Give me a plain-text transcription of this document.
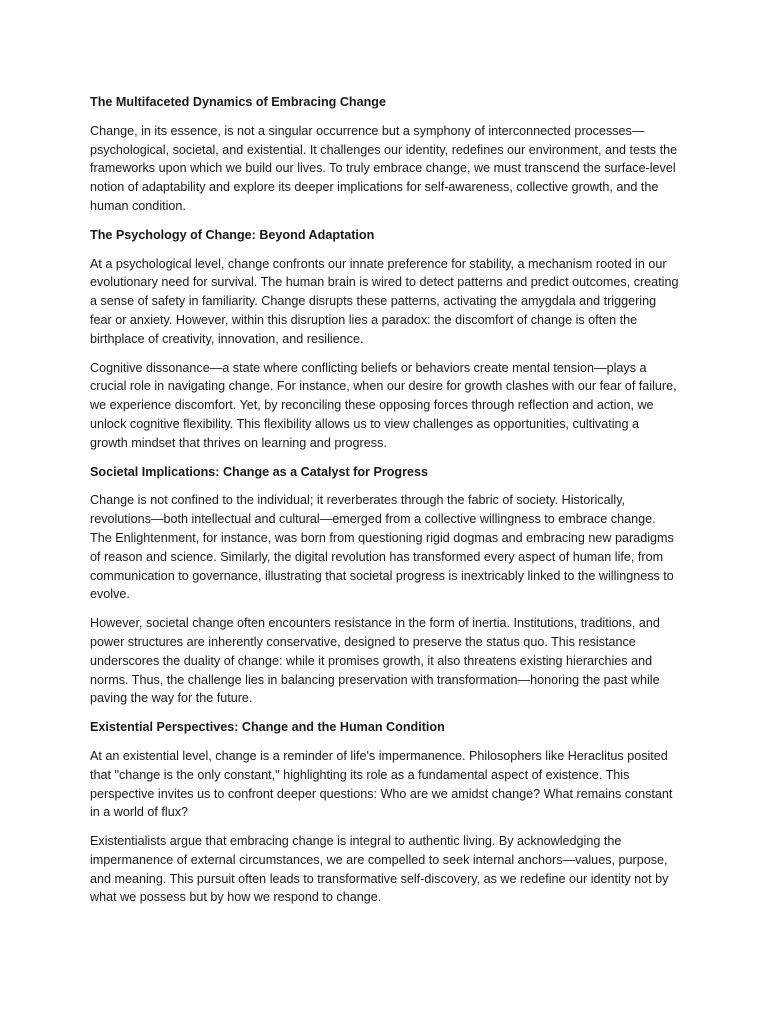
The Multifaceted Dynamics of Embracing Change

Change, in its essence, is not a singular occurrence but a symphony of interconnected processes—psychological, societal, and existential. It challenges our identity, redefines our environment, and tests the frameworks upon which we build our lives. To truly embrace change, we must transcend the surface-level notion of adaptability and explore its deeper implications for self-awareness, collective growth, and the human condition.

The Psychology of Change: Beyond Adaptation

At a psychological level, change confronts our innate preference for stability, a mechanism rooted in our evolutionary need for survival. The human brain is wired to detect patterns and predict outcomes, creating a sense of safety in familiarity. Change disrupts these patterns, activating the amygdala and triggering fear or anxiety. However, within this disruption lies a paradox: the discomfort of change is often the birthplace of creativity, innovation, and resilience.

Cognitive dissonance—a state where conflicting beliefs or behaviors create mental tension—plays a crucial role in navigating change. For instance, when our desire for growth clashes with our fear of failure, we experience discomfort. Yet, by reconciling these opposing forces through reflection and action, we unlock cognitive flexibility. This flexibility allows us to view challenges as opportunities, cultivating a growth mindset that thrives on learning and progress.

Societal Implications: Change as a Catalyst for Progress

Change is not confined to the individual; it reverberates through the fabric of society. Historically, revolutions—both intellectual and cultural—emerged from a collective willingness to embrace change. The Enlightenment, for instance, was born from questioning rigid dogmas and embracing new paradigms of reason and science. Similarly, the digital revolution has transformed every aspect of human life, from communication to governance, illustrating that societal progress is inextricably linked to the willingness to evolve.

However, societal change often encounters resistance in the form of inertia. Institutions, traditions, and power structures are inherently conservative, designed to preserve the status quo. This resistance underscores the duality of change: while it promises growth, it also threatens existing hierarchies and norms. Thus, the challenge lies in balancing preservation with transformation—honoring the past while paving the way for the future.

Existential Perspectives: Change and the Human Condition

At an existential level, change is a reminder of life's impermanence. Philosophers like Heraclitus posited that "change is the only constant," highlighting its role as a fundamental aspect of existence. This perspective invites us to confront deeper questions: Who are we amidst change? What remains constant in a world of flux?

Existentialists argue that embracing change is integral to authentic living. By acknowledging the impermanence of external circumstances, we are compelled to seek internal anchors—values, purpose, and meaning. This pursuit often leads to transformative self-discovery, as we redefine our identity not by what we possess but by how we respond to change.
